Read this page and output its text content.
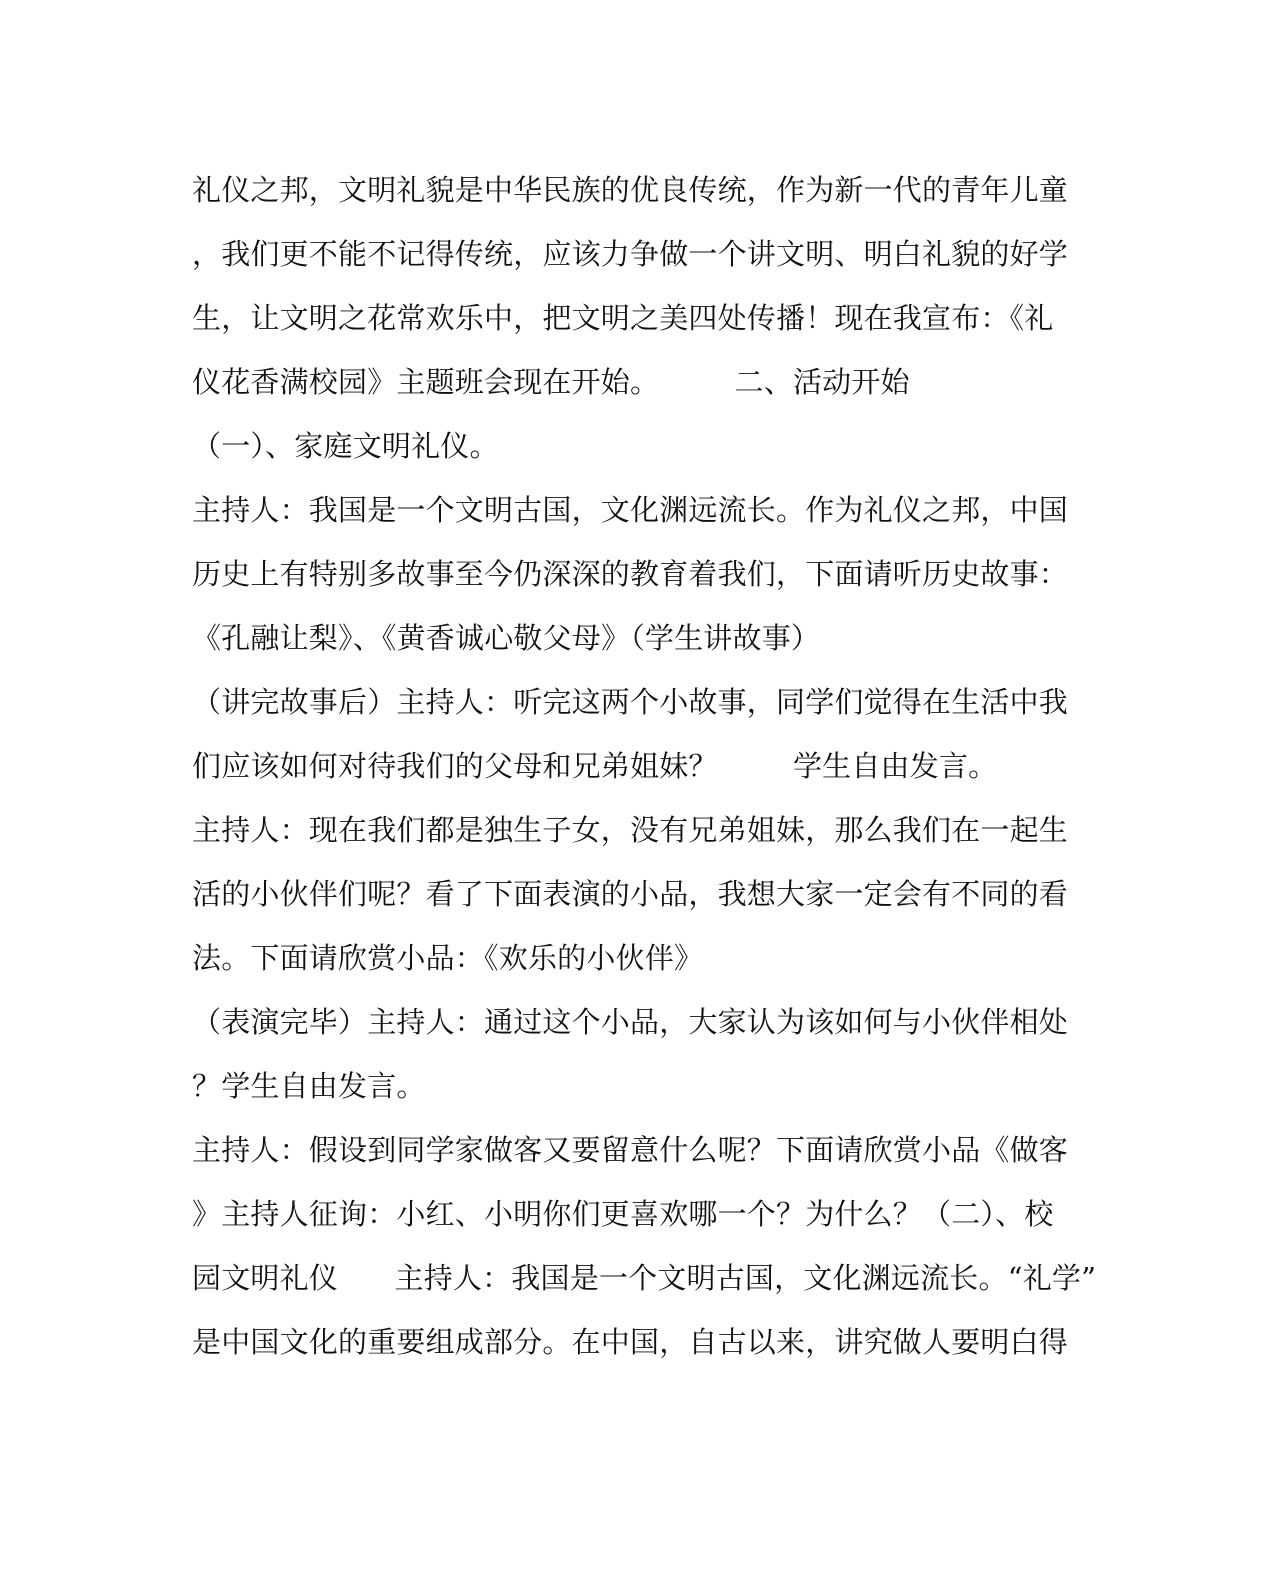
礼仪之邦，文明礼貌是中华民族的优良传统，作为新一代的青年儿童
，我们更不能不记得传统，应该力争做一个讲文明、明白礼貌的好学
生，让文明之花常欢乐中，把文明之美四处传播！现在我宣布：《礼
仪花香满校园》主题班会现在开始。        二、活动开始
（一）、家庭文明礼仪。
主持人：我国是一个文明古国，文化渊远流长。作为礼仪之邦，中国
历史上有特别多故事至今仍深深的教育着我们，下面请听历史故事：
《孔融让梨》、《黄香诚心敬父母》（学生讲故事）
（讲完故事后）主持人：听完这两个小故事，同学们觉得在生活中我
们应该如何对待我们的父母和兄弟姐妹？        学生自由发言。
主持人：现在我们都是独生子女，没有兄弟姐妹，那么我们在一起生
活的小伙伴们呢？看了下面表演的小品，我想大家一定会有不同的看
法。下面请欣赏小品：《欢乐的小伙伴》
（表演完毕）主持人：通过这个小品，大家认为该如何与小伙伴相处
？学生自由发言。
主持人：假设到同学家做客又要留意什么呢？下面请欣赏小品《做客
》主持人征询：小红、小明你们更喜欢哪一个？为什么？（二）、校
园文明礼仪      主持人：我国是一个文明古国，文化渊远流长。“礼学”
是中国文化的重要组成部分。在中国，自古以来，讲究做人要明白得
